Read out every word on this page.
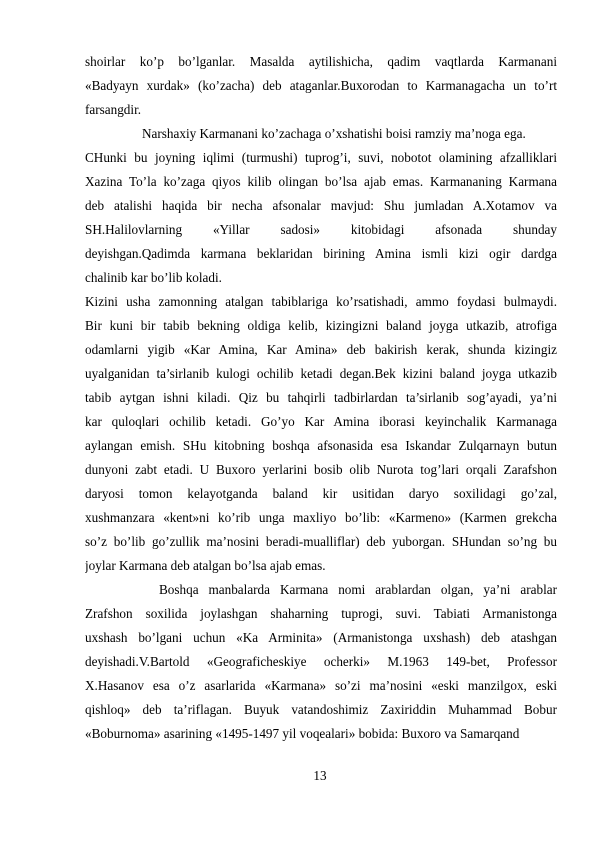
shoirlar ko’p bo’lganlar. Masalda aytilishicha, qadim vaqtlarda Karmanani
«Badyayn xurdak» (ko’zacha) deb ataganlar.Buxorodan to Karmanagacha un to’rt
farsangdir.
Narshaxiy Karmanani ko’zachaga o’xshatishi boisi ramziy ma’noga ega.
CHunki bu joyning iqlimi (turmushi) tuprog’i, suvi, nobotot olamining afzalliklari
Xazina To’la ko’zaga qiyos kilib olingan bo’lsa ajab emas. Karmananing Karmana
deb atalishi haqida bir necha afsonalar mavjud: Shu jumladan A.Xotamov va
SH.Halilovlarning «Yillar sadosi» kitobidagi afsonada shunday
deyishgan.Qadimda karmana beklaridan birining Amina ismli kizi ogir dardga
chalinib kar bo’lib koladi.
Kizini usha zamonning atalgan tabiblariga ko’rsatishadi, ammo foydasi bulmaydi.
Bir kuni bir tabib bekning oldiga kelib, kizingizni baland joyga utkazib, atrofiga
odamlarni yigib «Kar Amina, Kar Amina» deb bakirish kerak, shunda kizingiz
uyalganidan ta’sirlanib kulogi ochilib ketadi degan.Bek kizini baland joyga utkazib
tabib aytgan ishni kiladi. Qiz bu tahqirli tadbirlardan ta’sirlanib sog’ayadi, ya’ni
kar quloqlari ochilib ketadi. Go’yo Kar Amina iborasi keyinchalik Karmanaga
aylangan emish. SHu kitobning boshqa afsonasida esa Iskandar Zulqarnayn butun
dunyoni zabt etadi. U Buxoro yerlarini bosib olib Nurota tog’lari orqali Zarafshon
daryosi tomon kelayotganda baland kir usitidan daryo soxilidagi go’zal,
xushmanzara «kent»ni ko’rib unga maxliyo bo’lib: «Karmeno» (Karmen grekcha
so’z bo’lib go’zullik ma’nosini beradi-mualliflar) deb yuborgan. SHundan so’ng bu
joylar Karmana deb atalgan bo’lsa ajab emas.
Boshqa manbalarda Karmana nomi arablardan olgan, ya’ni arablar
Zrafshon soxilida joylashgan shaharning tuprogi, suvi. Tabiati Armanistonga
uxshash bo’lgani uchun «Ka Arminita» (Armanistonga uxshash) deb atashgan
deyishadi.V.Bartold «Geograficheskiye ocherki» M.1963 149-bet, Professor
X.Hasanov esa o’z asarlarida «Karmana» so’zi ma’nosini «eski manzilgox, eski
qishloq» deb ta’riflagan. Buyuk vatandoshimiz Zaxiriddin Muhammad Bobur
«Boburnoma» asarining «1495-1497 yil voqealari» bobida: Buxoro va Samarqand
13
